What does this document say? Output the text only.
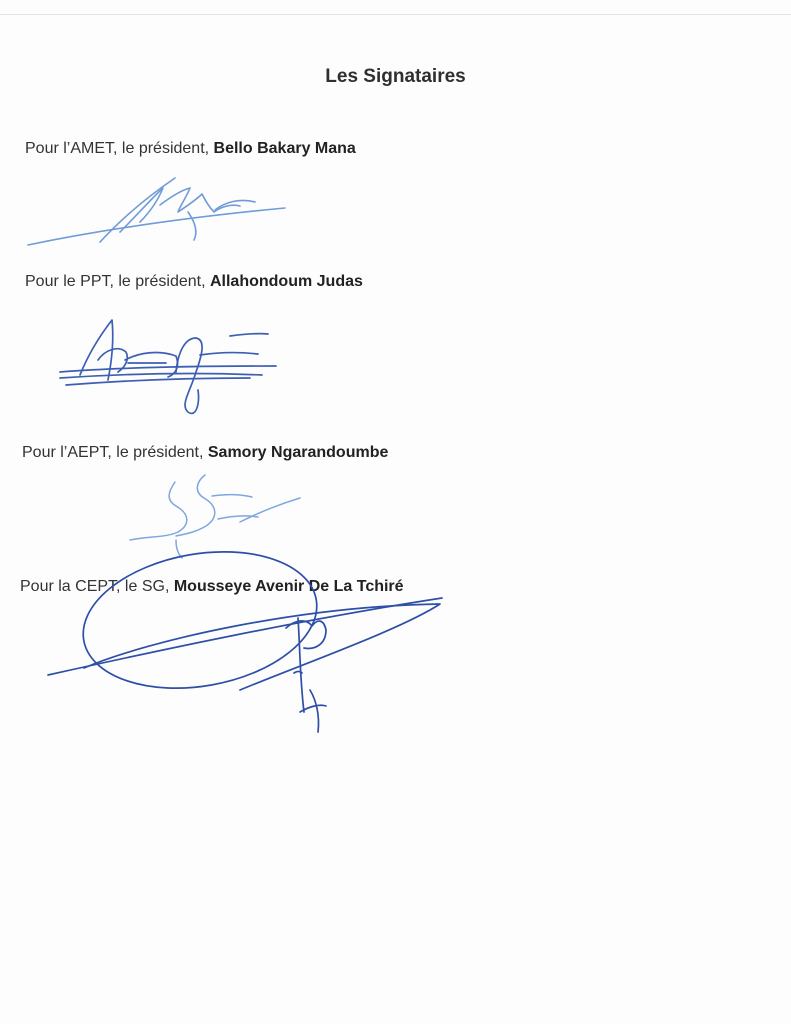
Les Signataires
Pour l’AMET, le président, Bello Bakary Mana
Pour le PPT, le président, Allahondoum Judas
Pour l’AEPT, le président, Samory Ngarandoumbe
Pour la CEPT, le SG, Mousseye Avenir De La Tchiré
